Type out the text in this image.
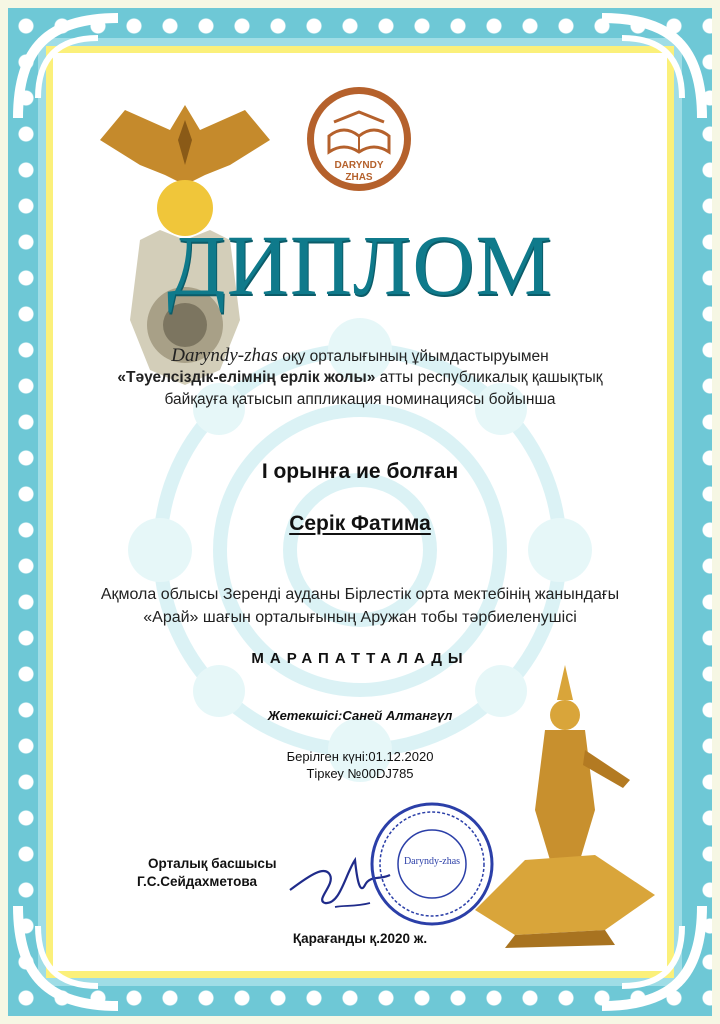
DARYNDY
ZHAS
ДИПЛОМ
Daryndy-zhas оқу орталығының ұйымдастыруымен
«Тәуелсіздік-елімнің ерлік жолы» атты республикалық қашықтық
байқауға қатысып аппликация номинациясы бойынша
І орынға ие болған
Серік Фатима
Ақмола облысы Зеренді ауданы Бірлестік орта мектебінің жанындағы
«Арай» шағын орталығының Аружан тобы тәрбиеленушісі
МАРАПАТТАЛАДЫ
Жетекшісі:Саней Алтангүл
Берілген күні:01.12.2020
Тіркеу №00DJ785
Орталық басшысы
Г.С.Сейдахметова
Daryndy-zhas
Қарағанды қ.2020 ж.
